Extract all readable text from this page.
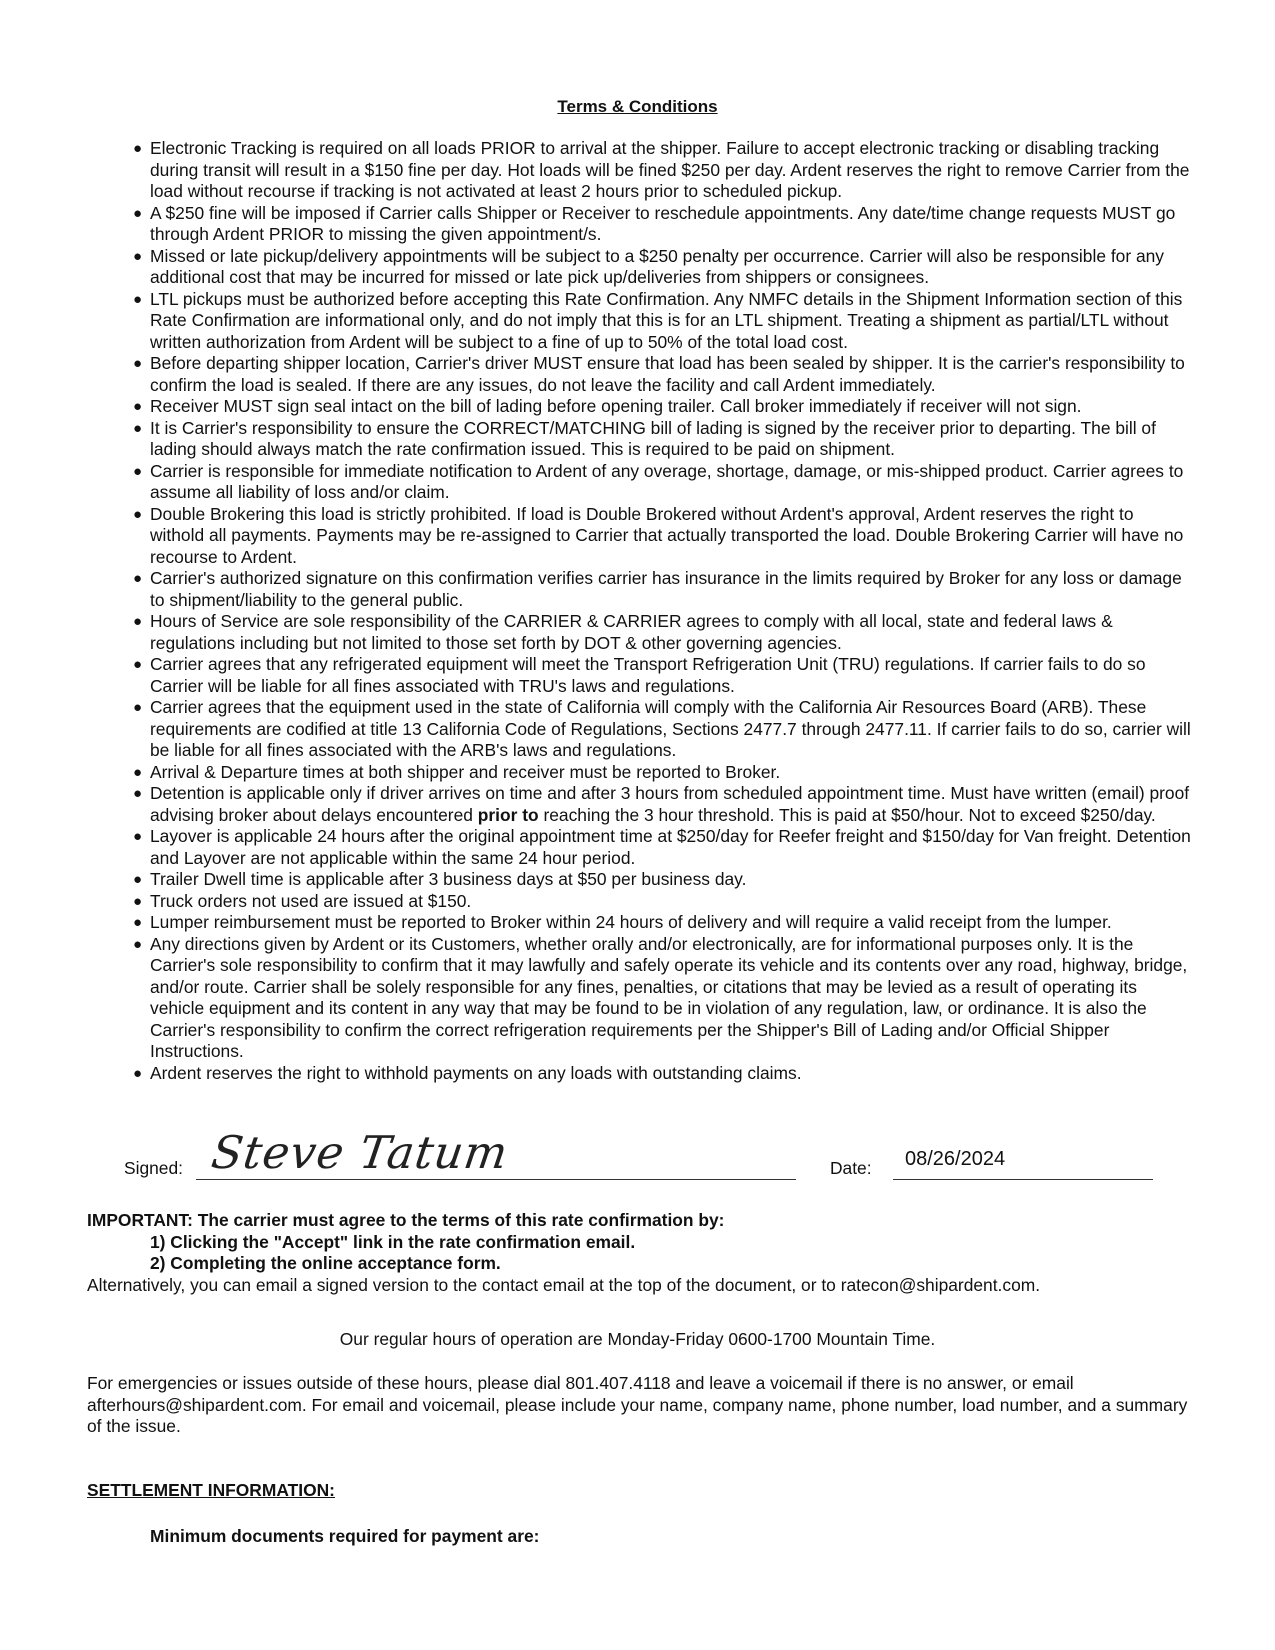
Terms & Conditions
● Electronic Tracking is required on all loads PRIOR to arrival at the shipper. Failure to accept electronic tracking or disabling tracking during transit will result in a $150 fine per day. Hot loads will be fined $250 per day. Ardent reserves the right to remove Carrier from the load without recourse if tracking is not activated at least 2 hours prior to scheduled pickup.
● A $250 fine will be imposed if Carrier calls Shipper or Receiver to reschedule appointments. Any date/time change requests MUST go through Ardent PRIOR to missing the given appointment/s.
● Missed or late pickup/delivery appointments will be subject to a $250 penalty per occurrence. Carrier will also be responsible for any additional cost that may be incurred for missed or late pick up/deliveries from shippers or consignees.
● LTL pickups must be authorized before accepting this Rate Confirmation. Any NMFC details in the Shipment Information section of this Rate Confirmation are informational only, and do not imply that this is for an LTL shipment. Treating a shipment as partial/LTL without written authorization from Ardent will be subject to a fine of up to 50% of the total load cost.
● Before departing shipper location, Carrier's driver MUST ensure that load has been sealed by shipper. It is the carrier's responsibility to confirm the load is sealed. If there are any issues, do not leave the facility and call Ardent immediately.
● Receiver MUST sign seal intact on the bill of lading before opening trailer. Call broker immediately if receiver will not sign.
● It is Carrier's responsibility to ensure the CORRECT/MATCHING bill of lading is signed by the receiver prior to departing. The bill of lading should always match the rate confirmation issued. This is required to be paid on shipment.
● Carrier is responsible for immediate notification to Ardent of any overage, shortage, damage, or mis-shipped product. Carrier agrees to assume all liability of loss and/or claim.
● Double Brokering this load is strictly prohibited. If load is Double Brokered without Ardent's approval, Ardent reserves the right to withold all payments. Payments may be re-assigned to Carrier that actually transported the load. Double Brokering Carrier will have no recourse to Ardent.
● Carrier's authorized signature on this confirmation verifies carrier has insurance in the limits required by Broker for any loss or damage to shipment/liability to the general public.
● Hours of Service are sole responsibility of the CARRIER & CARRIER agrees to comply with all local, state and federal laws & regulations including but not limited to those set forth by DOT & other governing agencies.
● Carrier agrees that any refrigerated equipment will meet the Transport Refrigeration Unit (TRU) regulations. If carrier fails to do so Carrier will be liable for all fines associated with TRU's laws and regulations.
● Carrier agrees that the equipment used in the state of California will comply with the California Air Resources Board (ARB). These requirements are codified at title 13 California Code of Regulations, Sections 2477.7 through 2477.11. If carrier fails to do so, carrier will be liable for all fines associated with the ARB's laws and regulations.
● Arrival & Departure times at both shipper and receiver must be reported to Broker.
● Detention is applicable only if driver arrives on time and after 3 hours from scheduled appointment time. Must have written (email) proof advising broker about delays encountered prior to reaching the 3 hour threshold. This is paid at $50/hour. Not to exceed $250/day.
● Layover is applicable 24 hours after the original appointment time at $250/day for Reefer freight and $150/day for Van freight. Detention and Layover are not applicable within the same 24 hour period.
● Trailer Dwell time is applicable after 3 business days at $50 per business day.
● Truck orders not used are issued at $150.
● Lumper reimbursement must be reported to Broker within 24 hours of delivery and will require a valid receipt from the lumper.
● Any directions given by Ardent or its Customers, whether orally and/or electronically, are for informational purposes only. It is the Carrier's sole responsibility to confirm that it may lawfully and safely operate its vehicle and its contents over any road, highway, bridge, and/or route. Carrier shall be solely responsible for any fines, penalties, or citations that may be levied as a result of operating its vehicle equipment and its content in any way that may be found to be in violation of any regulation, law, or ordinance. It is also the Carrier's responsibility to confirm the correct refrigeration requirements per the Shipper's Bill of Lading and/or Official Shipper Instructions.
● Ardent reserves the right to withhold payments on any loads with outstanding claims.
Signed: Steve Tatum	Date: 08/26/2024
IMPORTANT: The carrier must agree to the terms of this rate confirmation by:
1) Clicking the "Accept" link in the rate confirmation email.
2) Completing the online acceptance form.
Alternatively, you can email a signed version to the contact email at the top of the document, or to ratecon@shipardent.com.
Our regular hours of operation are Monday-Friday 0600-1700 Mountain Time.
For emergencies or issues outside of these hours, please dial 801.407.4118 and leave a voicemail if there is no answer, or email afterhours@shipardent.com. For email and voicemail, please include your name, company name, phone number, load number, and a summary of the issue.
SETTLEMENT INFORMATION:
Minimum documents required for payment are:
